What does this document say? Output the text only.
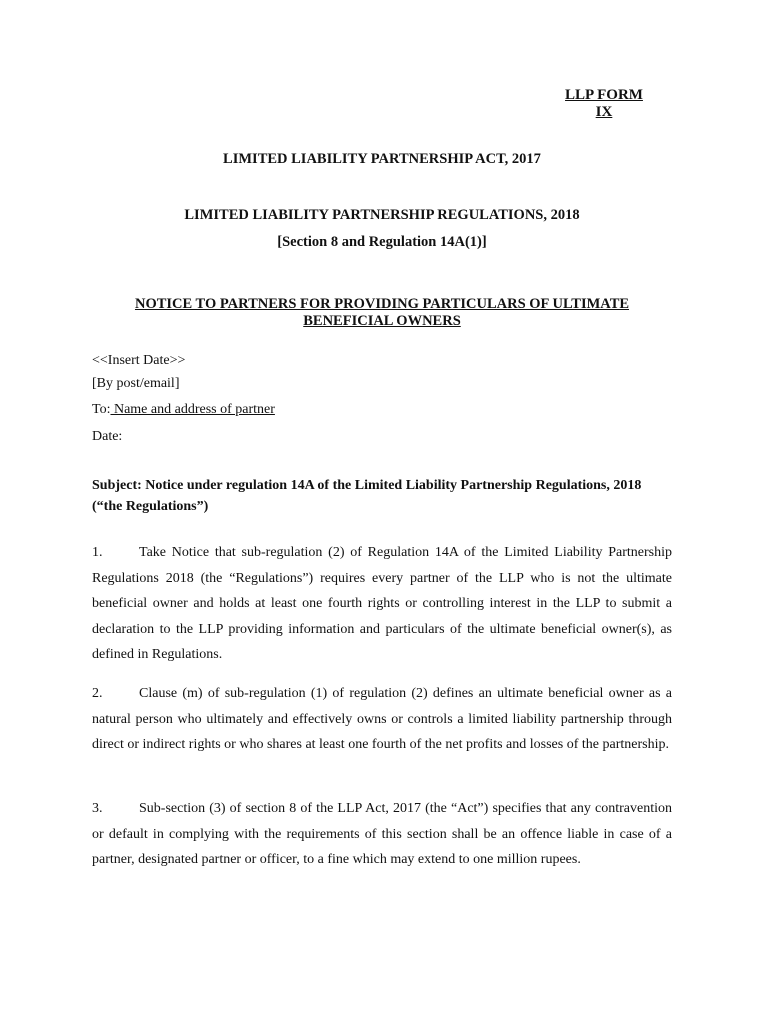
LLP FORM
IX
LIMITED LIABILITY PARTNERSHIP ACT, 2017
LIMITED LIABILITY PARTNERSHIP REGULATIONS, 2018
[Section 8 and Regulation 14A(1)]
NOTICE TO PARTNERS FOR PROVIDING PARTICULARS OF ULTIMATE BENEFICIAL OWNERS
<<Insert Date>>
[By post/email]
To: Name and address of partner
Date:
Subject: Notice under regulation 14A of the Limited Liability Partnership Regulations, 2018 (“the Regulations”)
1.	Take Notice that sub-regulation (2) of Regulation 14A of the Limited Liability Partnership Regulations 2018 (the “Regulations”) requires every partner of the LLP who is not the ultimate beneficial owner and holds at least one fourth rights or controlling interest in the LLP to submit a declaration to the LLP providing information and particulars of the ultimate beneficial owner(s), as defined in Regulations.
2.	Clause (m) of sub-regulation (1) of regulation (2) defines an ultimate beneficial owner as a natural person who ultimately and effectively owns or controls a limited liability partnership through direct or indirect rights or who shares at least one fourth of the net profits and losses of the partnership.
3.	Sub-section (3) of section 8 of the LLP Act, 2017 (the “Act”) specifies that any contravention or default in complying with the requirements of this section shall be an offence liable in case of a partner, designated partner or officer, to a fine which may extend to one million rupees.
